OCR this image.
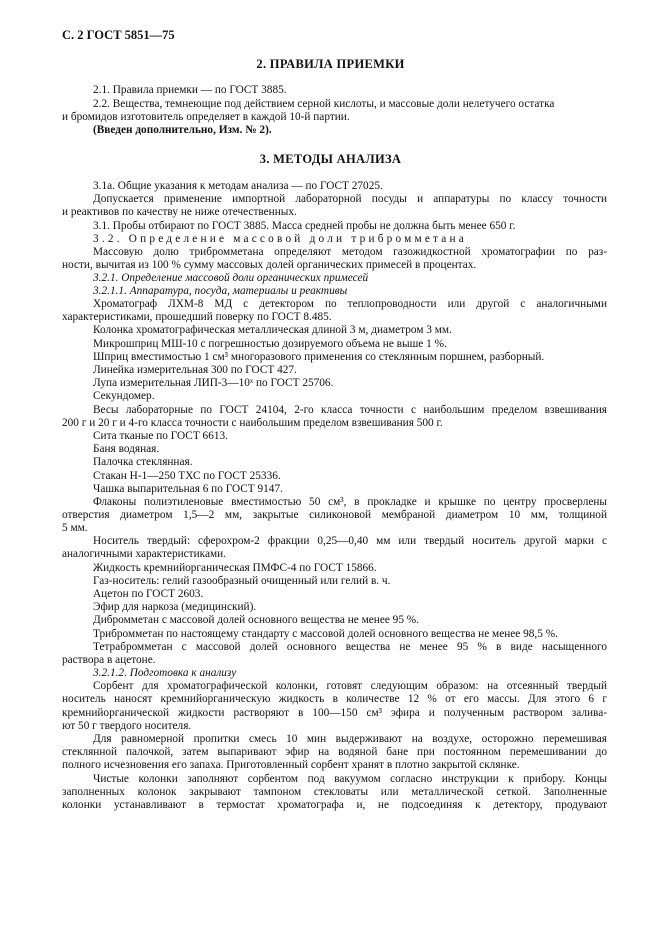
С. 2 ГОСТ 5851—75
2. ПРАВИЛА ПРИЕМКИ
2.1. Правила приемки — по ГОСТ 3885.
2.2. Вещества, темнеющие под действием серной кислоты, и массовые доли нелетучего остатка
и бромидов изготовитель определяет в каждой 10-й партии.
(Введен дополнительно, Изм. № 2).
3. МЕТОДЫ АНАЛИЗА
3.1а. Общие указания к методам анализа — по ГОСТ 27025.
Допускается применение импортной лабораторной посуды и аппаратуры по классу точности
и реактивов по качеству не ниже отечественных.
3.1. Пробы отбирают по ГОСТ 3885. Масса средней пробы не должна быть менее 650 г.
3.2. Определение массовой доли трибромметана
Массовую долю трибромметана определяют методом газожидкостной хроматографии по раз-
ности, вычитая из 100 % сумму массовых долей органических примесей в процентах.
3.2.1. Определение массовой доли органических примесей
3.2.1.1. Аппаратура, посуда, материалы и реактивы
Хроматограф ЛХМ-8 МД с детектором по теплопроводности или другой с аналогичными
характеристиками, прошедший поверку по ГОСТ 8.485.
Колонка хроматографическая металлическая длиной 3 м, диаметром 3 мм.
Микрошприц МШ-10 с погрешностью дозируемого объема не выше 1 %.
Шприц вместимостью 1 см³ многоразового применения со стеклянным поршнем, разборный.
Линейка измерительная 300 по ГОСТ 427.
Лупа измерительная ЛИП-3—10ˣ по ГОСТ 25706.
Секундомер.
Весы лабораторные по ГОСТ 24104, 2-го класса точности с наибольшим пределом взвешивания
200 г и 20 г и 4-го класса точности с наибольшим пределом взвешивания 500 г.
Сита тканые по ГОСТ 6613.
Баня водяная.
Палочка стеклянная.
Стакан Н-1—250 ТХС по ГОСТ 25336.
Чашка выпарительная 6 по ГОСТ 9147.
Флаконы полиэтиленовые вместимостью 50 см³, в прокладке и крышке по центру просверлены
отверстия диаметром 1,5—2 мм, закрытые силиконовой мембраной диаметром 10 мм, толщиной
5 мм.
Носитель твердый: сферохром-2 фракции 0,25—0,40 мм или твердый носитель другой марки с
аналогичными характеристиками.
Жидкость кремнийорганическая ПМФС-4 по ГОСТ 15866.
Газ-носитель: гелий газообразный очищенный или гелий в. ч.
Ацетон по ГОСТ 2603.
Эфир для наркоза (медицинский).
Дибромметан с массовой долей основного вещества не менее 95 %.
Трибромметан по настоящему стандарту с массовой долей основного вещества не менее 98,5 %.
Тетрабромметан с массовой долей основного вещества не менее 95 % в виде насыщенного
раствора в ацетоне.
3.2.1.2. Подготовка к анализу
Сорбент для хроматографической колонки, готовят следующим образом: на отсеянный твердый
носитель наносят кремнийорганическую жидкость в количестве 12 % от его массы. Для этого 6 г
кремнийорганической жидкости растворяют в 100—150 см³ эфира и полученным раствором залива-
ют 50 г твердого носителя.
Для равномерной пропитки смесь 10 мин выдерживают на воздухе, осторожно перемешивая
стеклянной палочкой, затем выпаривают эфир на водяной бане при постоянном перемешивании до
полного исчезновения его запаха. Приготовленный сорбент хранят в плотно закрытой склянке.
Чистые колонки заполняют сорбентом под вакуумом согласно инструкции к прибору. Концы
заполненных колонок закрывают тампоном стекловаты или металлической сеткой. Заполненные
колонки устанавливают в термостат хроматографа и, не подсоединяя к детектору, продувают
